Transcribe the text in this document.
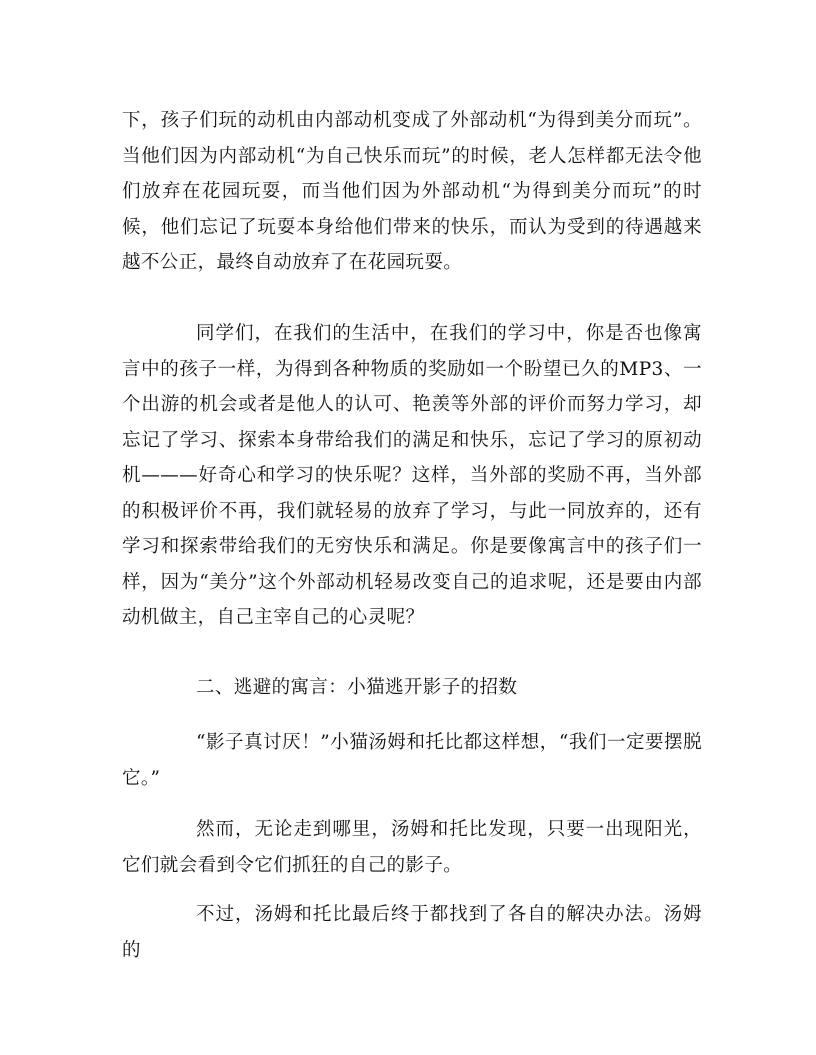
下，孩子们玩的动机由内部动机变成了外部动机“为得到美分而玩”。当他们因为内部动机“为自己快乐而玩”的时候，老人怎样都无法令他们放弃在花园玩耍，而当他们因为外部动机“为得到美分而玩”的时候，他们忘记了玩耍本身给他们带来的快乐，而认为受到的待遇越来越不公正，最终自动放弃了在花园玩耍。

同学们，在我们的生活中，在我们的学习中，你是否也像寓言中的孩子一样，为得到各种物质的奖励如一个盼望已久的MP3、一个出游的机会或者是他人的认可、艳羡等外部的评价而努力学习，却忘记了学习、探索本身带给我们的满足和快乐，忘记了学习的原初动机———好奇心和学习的快乐呢？这样，当外部的奖励不再，当外部的积极评价不再，我们就轻易的放弃了学习，与此一同放弃的，还有学习和探索带给我们的无穷快乐和满足。你是要像寓言中的孩子们一样，因为“美分”这个外部动机轻易改变自己的追求呢，还是要由内部动机做主，自己主宰自己的心灵呢？

二、逃避的寓言：小猫逃开影子的招数

“影子真讨厌！”小猫汤姆和托比都这样想，“我们一定要摆脱它。”

然而，无论走到哪里，汤姆和托比发现，只要一出现阳光，它们就会看到令它们抓狂的自己的影子。

不过，汤姆和托比最后终于都找到了各自的解决办法。汤姆的
